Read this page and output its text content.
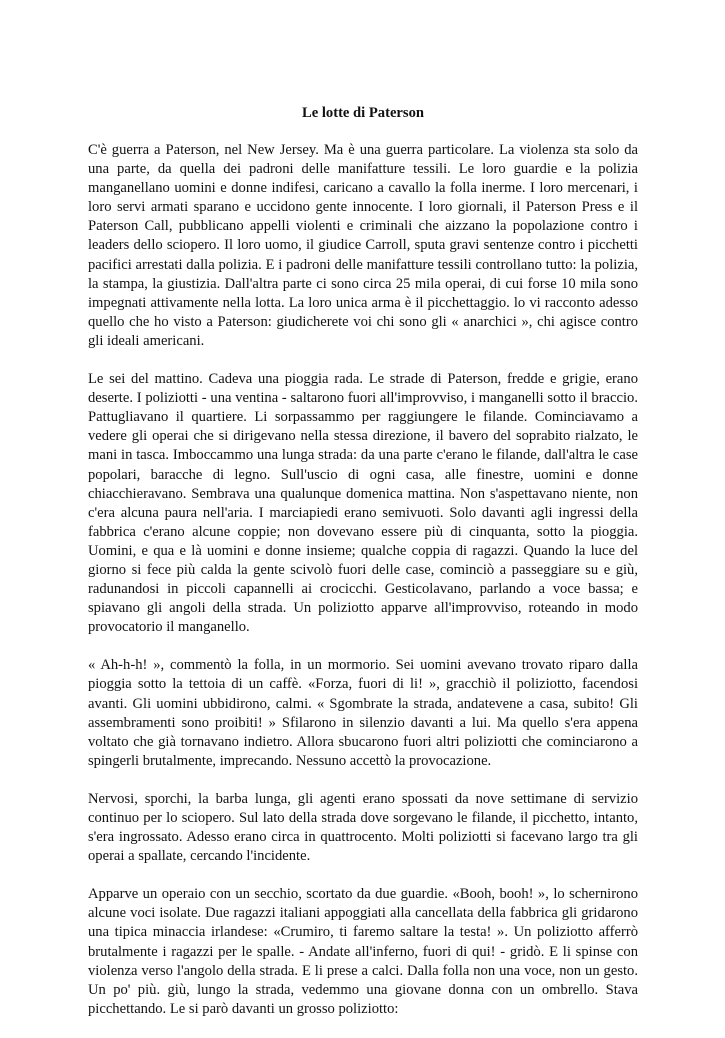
Le lotte di Paterson

C'è guerra a Paterson, nel New Jersey. Ma è una guerra particolare. La violenza sta solo da una parte, da quella dei padroni delle manifatture tessili. Le loro guardie e la polizia manganellano uomini e donne indifesi, caricano a cavallo la folla inerme. I loro mercenari, i loro servi armati sparano e uccidono gente innocente. I loro giornali, il Paterson Press e il Paterson Call, pubblicano appelli violenti e criminali che aizzano la popolazione contro i leaders dello sciopero. Il loro uomo, il giudice Carroll, sputa gravi sentenze contro i picchetti pacifici arrestati dalla polizia. E i padroni delle manifatture tessili controllano tutto: la polizia, la stampa, la giustizia. Dall'altra parte ci sono circa 25 mila operai, di cui forse 10 mila sono impegnati attivamente nella lotta. La loro unica arma è il picchettaggio. lo vi racconto adesso quello che ho visto a Paterson: giudicherete voi chi sono gli « anarchici », chi agisce contro gli ideali americani.

Le sei del mattino. Cadeva una pioggia rada. Le strade di Paterson, fredde e grigie, erano deserte. I poliziotti - una ventina - saltarono fuori all'improvviso, i manganelli sotto il braccio. Pattugliavano il quartiere. Li sorpassammo per raggiungere le filande. Cominciavamo a vedere gli operai che si dirigevano nella stessa direzione, il bavero del soprabito rialzato, le mani in tasca. Imboccammo una lunga strada: da una parte c'erano le filande, dall'altra le case popolari, baracche di legno. Sull'uscio di ogni casa, alle finestre, uomini e donne chiacchieravano. Sembrava una qualunque domenica mattina. Non s'aspettavano niente, non c'era alcuna paura nell'aria. I marciapiedi erano semivuoti. Solo davanti agli ingressi della fabbrica c'erano alcune coppie; non dovevano essere più di cinquanta, sotto la pioggia. Uomini, e qua e là uomini e donne insieme; qualche coppia di ragazzi. Quando la luce del giorno si fece più calda la gente scivolò fuori delle case, cominciò a passeggiare su e giù, radunandosi in piccoli capannelli ai crocicchi. Gesticolavano, parlando a voce bassa; e spiavano gli angoli della strada. Un poliziotto apparve all'improvviso, roteando in modo provocatorio il manganello.

« Ah-h-h! », commentò la folla, in un mormorio. Sei uomini avevano trovato riparo dalla pioggia sotto la tettoia di un caffè. «Forza, fuori di li! », gracchiò il poliziotto, facendosi avanti. Gli uomini ubbidirono, calmi. « Sgombrate la strada, andatevene a casa, subito! Gli assembramenti sono proibiti! » Sfilarono in silenzio davanti a lui. Ma quello s'era appena voltato che già tornavano indietro. Allora sbucarono fuori altri poliziotti che cominciarono a spingerli brutalmente, imprecando. Nessuno accettò la provocazione.

Nervosi, sporchi, la barba lunga, gli agenti erano spossati da nove settimane di servizio continuo per lo sciopero. Sul lato della strada dove sorgevano le filande, il picchetto, intanto, s'era ingrossato. Adesso erano circa in quattrocento. Molti poliziotti si facevano largo tra gli operai a spallate, cercando l'incidente.

Apparve un operaio con un secchio, scortato da due guardie. «Booh, booh! », lo schernirono alcune voci isolate. Due ragazzi italiani appoggiati alla cancellata della fabbrica gli gridarono una tipica minaccia irlandese: «Crumiro, ti faremo saltare la testa! ». Un poliziotto afferrò brutalmente i ragazzi per le spalle. - Andate all'inferno, fuori di qui! - gridò. E li spinse con violenza verso l'angolo della strada. E li prese a calci. Dalla folla non una voce, non un gesto. Un po' più. giù, lungo la strada, vedemmo una giovane donna con un ombrello. Stava picchettando. Le si parò davanti un grosso poliziotto:
